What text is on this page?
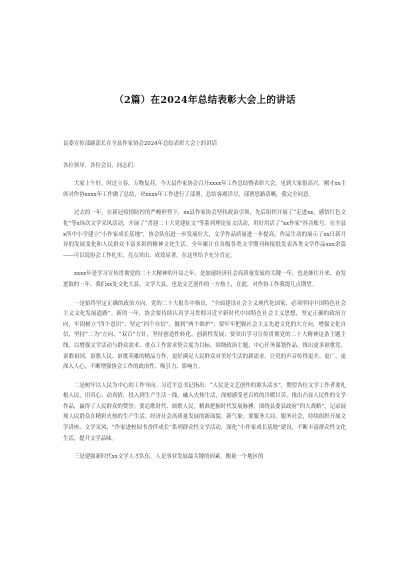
（2篇）在2024年总结表彰大会上的讲话

县委宣传部副部长在全县作家协会2024年总结表彰大会上的讲话

各位领导、各位会员、同志们：

大家上午好。时过立春，万物复苏，今天县作家协会召开xxxx年工作总结暨表彰大会，见到大家很高兴。刚才xx主席对作协xxxx年工作做了总结，对xxxx年工作进行了部署，总结客观详尽，部署思路清晰，我完全同意。

过去的一年，在新冠疫情防控的严峻形势下，xx县作家协会坚持政治引领，先后组织开展了“走进xx，感悟红色文化”等x场次文学采风活动，开展了“喜迎二十大党建征文”等系列理论征文活动，用好用活了“xx作家”抖音账号。在全县x所中小学建立“小作家成长基地”，协会队伍进一步发展壮大，文学作品质量进一步提高，作品生动的展示了xx日新月异的发展变化和人民群众丰富多彩的精神文化生活，全年累计在各级各类文学期刊和报纸发表各类文学作品xxx余篇——可以说协会工作扎实、亮点突出、成效显著，在这里给予充分肯定。

xxxx年是学习宣传贯彻党的二十大精神的开局之年，是加速经济社会高质量发展的关键一年，也是继往开来、奋发进取的一年。我们xx处文化大县、文学大县，也是文艺创作的一方热土，在此，对作协工作我提几点期望。

一是始终坚定正确的政治方向。党的二十大报告中指出，“全面建设社会主义现代化国家，必须坚持中国特色社会主义文化发展道路”。新的一年，协会要持续认真学习贯彻习近平新时代中国特色社会主义思想，坚定正确的政治方向，牢固树立“四个意识”、坚定“四个自信”、做到“两个维护”；要牢牢把握社会主义先进文化的大方向，增强文化自信，坚持“二为”方向、“双百”方针，坚持创造性转化、创新性发展；要突出学习宣传贯彻党的二十大精神这条主题主线，以增强文学活动与群众需求、重点工作需求契合度为目标，围绕政治主题、中心任务谋划作品，推出更多讴歌党、讴歌祖国、讴歌人民、讴歌英雄的精品力作，更好满足人民群众对美好生活的新需求，让党的声音传得更开、更广、更深入人心，不断增强协会工作的政治性、吸引力、影响力。

二是树牢以人民为中心的工作导向。习近平总书记指出：“人民是文艺创作的源头活水”，期望各位文学工作者要扎根人民，用真心、动真情，投入到生产生活一线，融入火热生活，深刻感受老百姓的冷暖甘苦，推出凸显人民性的文学作品，赢得了人民群众的赞誉；要追歌时代、颂歌人民，精准把握时代发展脉搏，围绕县委县政府“四大战略”，记录展现人民群众在精彩火热的生产生活、经济社会高质量发展的新面貌、新气象；要服务大局、服务社会，持续组织开展文学讲座、文学采风、“作家进校园书香伴成长”系列群众性文学活动，深化“小作家成长基地”建设，不断丰富群众性文化生活，提升文学品味。

三是建强新时代xx文学人才队伍。人是事业发展最关键的因素，衡量一个地区的
